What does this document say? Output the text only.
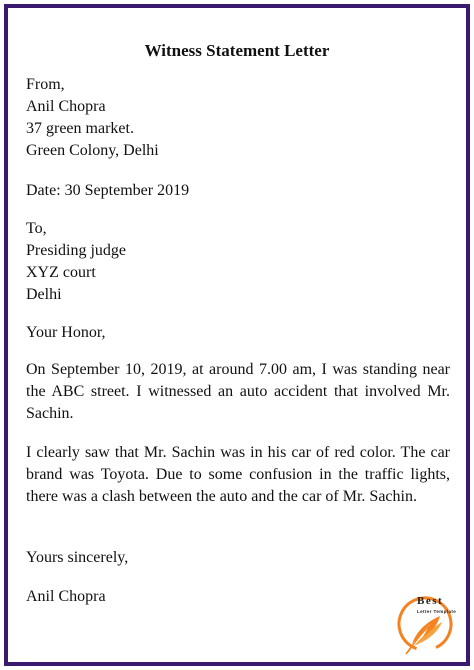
Witness Statement Letter
From,
Anil Chopra
37 green market.
Green Colony, Delhi
Date: 30 September 2019
To,
Presiding judge
XYZ court
Delhi
Your Honor,
On September 10, 2019, at around 7.00 am, I was standing near the ABC street. I witnessed an auto accident that involved Mr. Sachin.
I clearly saw that Mr. Sachin was in his car of red color. The car brand was Toyota. Due to some confusion in the traffic lights, there was a clash between the auto and the car of Mr. Sachin.
Yours sincerely,
Anil Chopra	Best
Letter Template
